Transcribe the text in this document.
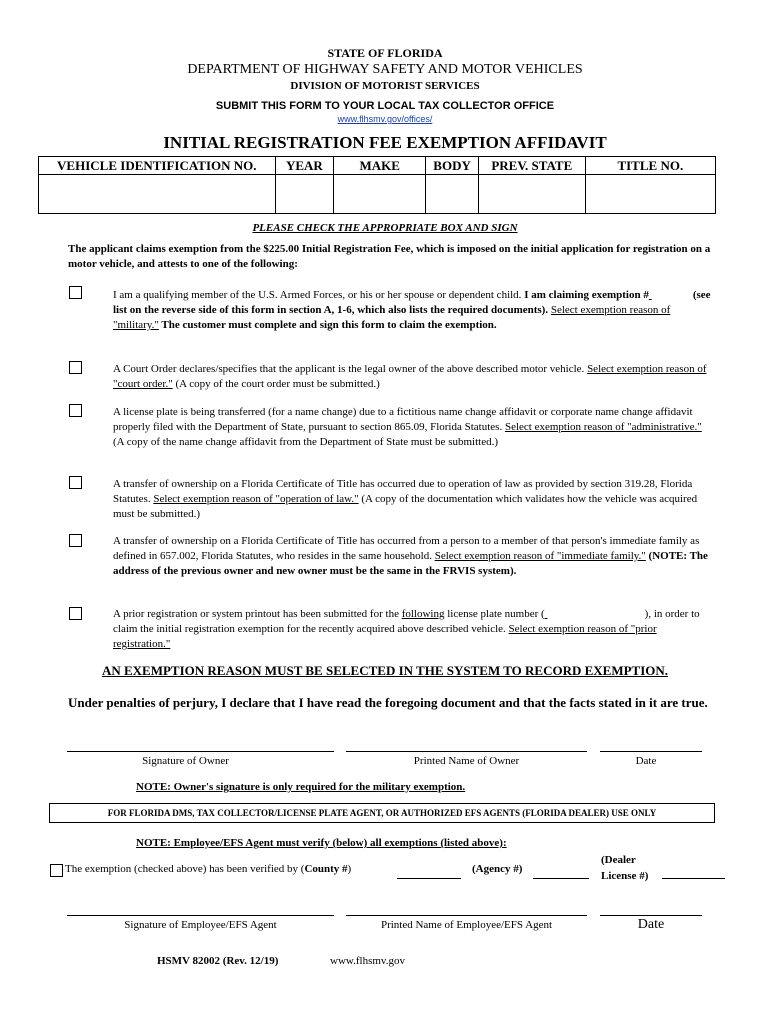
STATE OF FLORIDA
DEPARTMENT OF HIGHWAY SAFETY AND MOTOR VEHICLES
DIVISION OF MOTORIST SERVICES
SUBMIT THIS FORM TO YOUR LOCAL TAX COLLECTOR OFFICE
www.flhsmv.gov/offices/
INITIAL REGISTRATION FEE EXEMPTION AFFIDAVIT
VEHICLE IDENTIFICATION NO.	YEAR	MAKE	BODY	PREV. STATE	TITLE NO.

PLEASE CHECK THE APPROPRIATE BOX AND SIGN
The applicant claims exemption from the $225.00 Initial Registration Fee, which is imposed on the initial application for registration on a motor vehicle, and attests to one of the following:
I am a qualifying member of the U.S. Armed Forces, or his or her spouse or dependent child. I am claiming exemption #	(see list on the reverse side of this form in section A, 1-6, which also lists the required documents). Select exemption reason of "military." The customer must complete and sign this form to claim the exemption.
A Court Order declares/specifies that the applicant is the legal owner of the above described motor vehicle. Select exemption reason of "court order." (A copy of the court order must be submitted.)
A license plate is being transferred (for a name change) due to a fictitious name change affidavit or corporate name change affidavit properly filed with the Department of State, pursuant to section 865.09, Florida Statutes. Select exemption reason of "administrative." (A copy of the name change affidavit from the Department of State must be submitted.)
A transfer of ownership on a Florida Certificate of Title has occurred due to operation of law as provided by section 319.28, Florida Statutes. Select exemption reason of "operation of law." (A copy of the documentation which validates how the vehicle was acquired must be submitted.)
A transfer of ownership on a Florida Certificate of Title has occurred from a person to a member of that person's immediate family as defined in 657.002, Florida Statutes, who resides in the same household. Select exemption reason of "immediate family." (NOTE: The address of the previous owner and new owner must be the same in the FRVIS system).
A prior registration or system printout has been submitted for the following license plate number (	), in order to claim the initial registration exemption for the recently acquired above described vehicle. Select exemption reason of "prior registration."
AN EXEMPTION REASON MUST BE SELECTED IN THE SYSTEM TO RECORD EXEMPTION.
Under penalties of perjury, I declare that I have read the foregoing document and that the facts stated in it are true.
Signature of Owner	Printed Name of Owner	Date
NOTE: Owner's signature is only required for the military exemption.
FOR FLORIDA DMS, TAX COLLECTOR/LICENSE PLATE AGENT, OR AUTHORIZED EFS AGENTS (FLORIDA DEALER) USE ONLY
NOTE: Employee/EFS Agent must verify (below) all exemptions (listed above):
The exemption (checked above) has been verified by (County #)	(Agency #)
(Dealer
License #)
Signature of Employee/EFS Agent	Printed Name of Employee/EFS Agent	Date
HSMV 82002 (Rev. 12/19)	www.flhsmv.gov
